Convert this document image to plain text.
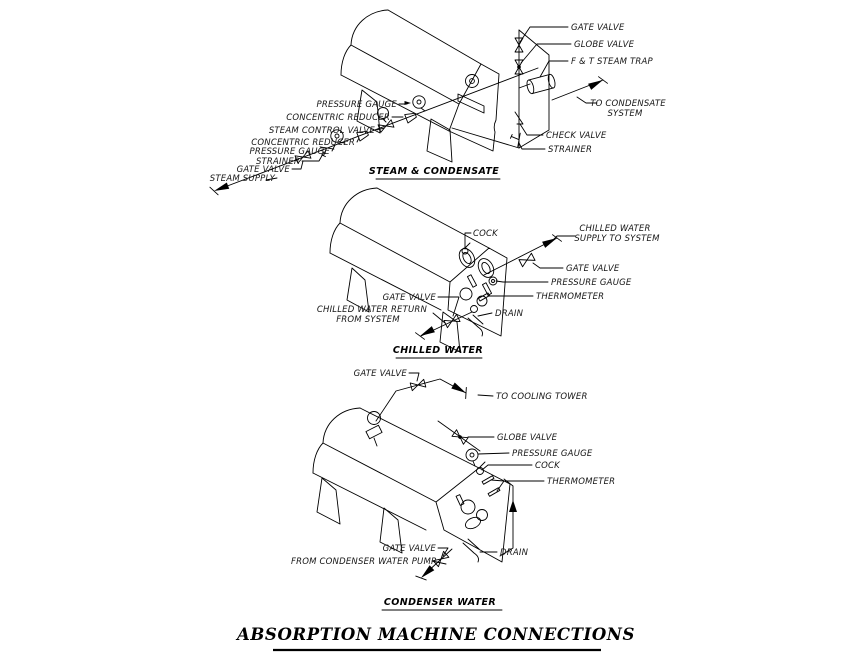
GATE VALVE
GLOBE VALVE
F & T STEAM TRAP
TO CONDENSATE
SYSTEM
CHECK VALVE
STRAINER
PRESSURE GAUGE
CONCENTRIC REDUCER
STEAM CONTROL VALVE
CONCENTRIC REDUCER
PRESSURE GAUGE
STRAINER
GATE VALVE
STEAM SUPPLY
STEAM & CONDENSATE
COCK	CHILLED WATER
SUPPLY TO SYSTEM
GATE VALVE
PRESSURE GAUGE
THERMOMETER
GATE VALVE
CHILLED WATER RETURN
FROM SYSTEM
DRAIN
CHILLED WATER
GATE VALVE
TO COOLING TOWER
GLOBE VALVE
PRESSURE GAUGE
COCK
THERMOMETER
GATE VALVE
FROM CONDENSER WATER PUMP
DRAIN
CONDENSER WATER
ABSORPTION MACHINE CONNECTIONS
